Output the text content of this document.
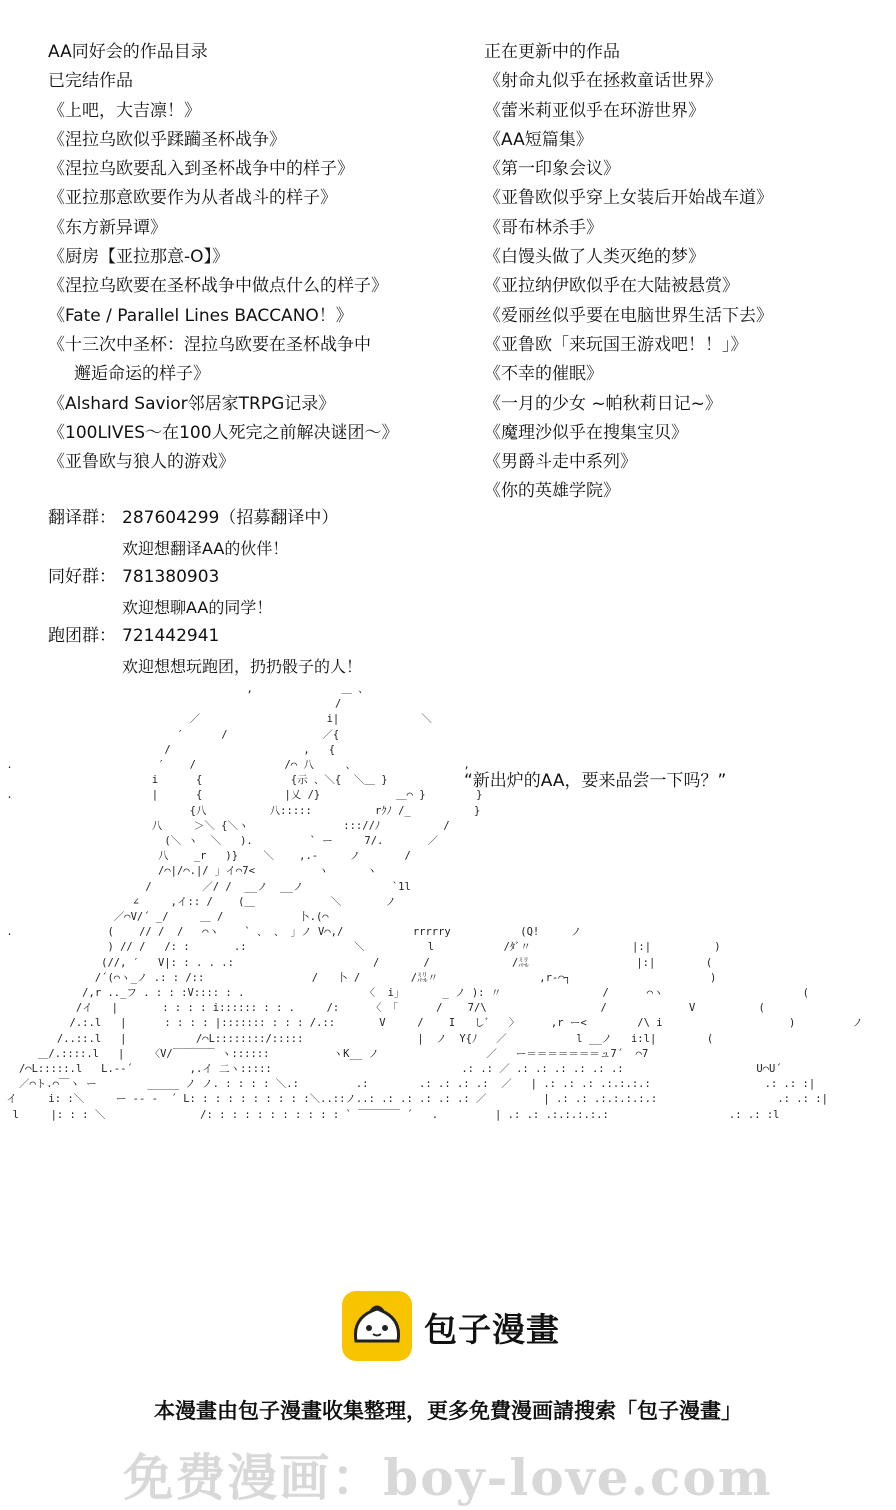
AA同好会的作品目录
已完结作品
《上吧，大吉凛！》
《涅拉乌欧似乎蹂躏圣杯战争》
《涅拉乌欧要乱入到圣杯战争中的样子》
《亚拉那意欧要作为从者战斗的样子》
《东方新异谭》
《厨房【亚拉那意-O】》
《涅拉乌欧要在圣杯战争中做点什么的样子》
《Fate / Parallel Lines BACCANO！》
《十三次中圣杯：涅拉乌欧要在圣杯战争中
邂逅命运的样子》
《Alshard Savior邻居家TRPG记录》
《100LIVES～在100人死完之前解决谜团～》
《亚鲁欧与狼人的游戏》
正在更新中的作品
《射命丸似乎在拯救童话世界》
《蕾米莉亚似乎在环游世界》
《AA短篇集》
《第一印象会议》
《亚鲁欧似乎穿上女装后开始战车道》
《哥布林杀手》
《白馒头做了人类灭绝的梦》
《亚拉纳伊欧似乎在大陆被悬赏》
《爱丽丝似乎要在电脑世界生活下去》
《亚鲁欧「来玩国王游戏吧！！」》
《不幸的催眠》
《一月的少女 ~帕秋莉日记~》
《魔理沙似乎在搜集宝贝》
《男爵斗走中系列》
《你的英雄学院》
翻译群： 287604299（招募翻译中）
欢迎想翻译AA的伙伴！
同好群： 781380903
欢迎想聊AA的同学！
跑团群： 721442941
欢迎想想玩跑团，扔扔骰子的人！
,              ＿ 、
/
／                    i|             ＼
′      /               ／{
/                     ,   {
.                       ′    /              /⌒ 八     、                 ,
i      {              {示 、＼{  ＼＿ }
.                      |      {             |乂 /}            ＿⌒ }        }
{八          八:::::          rｸﾉ /_          }
八     ＞＼ {＼ヽ               ::://ﾉ          /
(＼ ヽ  ＼   ).         ` ー     7/.       ／
八    _r   )}    ＼    ,.-     ノ       /
/⌒|/⌒.|/ 」イ⌒7<          ヽ      ヽ
/        ／/ /  __ノ  __ノ              `1l
∠     ,イ:: /    (＿            ＼       ノ
／⌒V/´ _/     ＿ /            卜.(⌒
.               (    // /  /   ⌒ヽ    ` 、 、 」ノ V⌒,/           rrrrry           (Q!     ノ
) // /   /: :       .:                 ＼          l           /ﾀﾞ〃                |:|          )
(//, ′   V|: : . . .:                      /       /             /㍊                 |:|        (
/´(⌒ヽ_ノ .: : /::                 /   卜 /        /㍊〃                ,r‐⌒┐                      )
/,r .._フ . : : :V:::: : .                   〈  i」      _ ノ ): 〃                /      ⌒ヽ                      (
/イ   |       : : : : i:::::: : : .     /:     〈 「      /    7/\                  /             V          (
/.:.l   |      : : : : |::::::: : : : /.::       V     /    I   しﾞ   〉     ,r ー<        /\ i                    )         ノ
/..::.l   |           /⌒L::::::::/:::::                  |  ノ  Y{ﾉ   ／           l __ノ   i:l|        (
＿/.::::.l   |    〈V/￣￣￣￣ ヽ::::::          ヽK__ ノ                 ／   ー＝＝＝＝＝＝＝ュ7´  ⌒7
/⌒L:::::.l   L.-‐´         ,.イ 二ヽ:::::                              .: .: ／ .: .: .: .: .: .:                     U⌒U´
／⌒ト.⌒￣ヽ ー        _____ ノ ノ. : : : : ＼.:         .:        .: .: .: .:  ／   | .: .: .: .:.:.:.:                  .: .: :|
イ     i: :＼     ー ‐‐ ‐  ´ L: : : : : : : : : :＼..::ノ..: .: .: .: .: .: ／         | .: .: .:.:.:.:.:                   .: .: :|
l     |: : : ＼               /: : : : : : : : : : : ` ￣￣￣￣ ´   .         | .: .: .:.:.:.:.:                   .: .: :l

“新出炉的AA，要来品尝一下吗？”
包子漫畫
本漫畫由包子漫畫收集整理，更多免費漫画請搜索「包子漫畫」
免费漫画：boy-love.com
